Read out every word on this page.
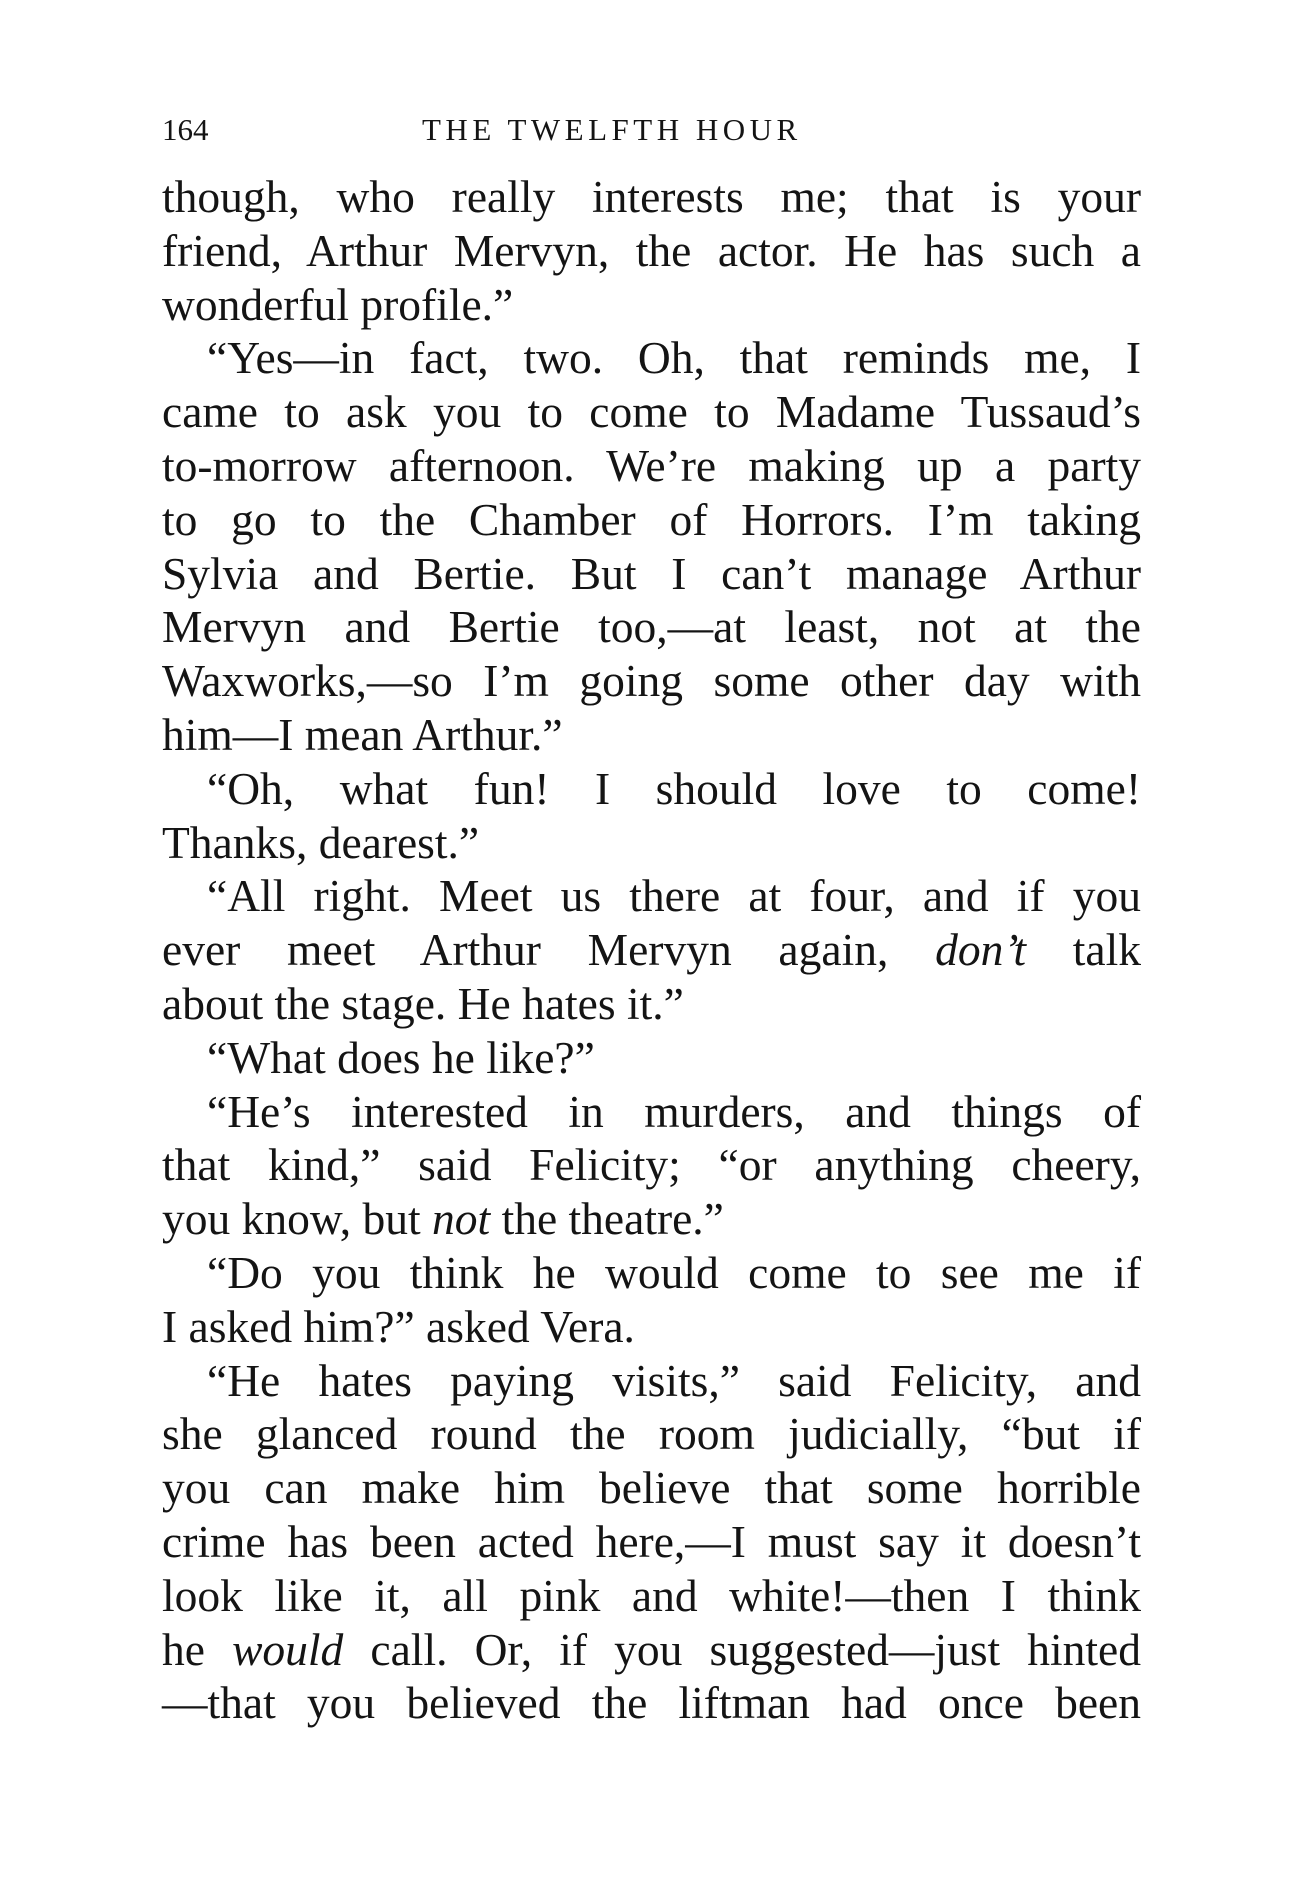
164	THE TWELFTH HOUR
though, who really interests me; that is your
friend, Arthur Mervyn, the actor. He has such a
wonderful profile.”
“Yes—in fact, two. Oh, that reminds me, I
came to ask you to come to Madame Tussaud’s
to-morrow afternoon. We’re making up a party
to go to the Chamber of Horrors. I’m taking
Sylvia and Bertie. But I can’t manage Arthur
Mervyn and Bertie too,—at least, not at the
Waxworks,—so I’m going some other day with
him—I mean Arthur.”
“Oh, what fun! I should love to come!
Thanks, dearest.”
“All right. Meet us there at four, and if you
ever meet Arthur Mervyn again, don’t talk
about the stage. He hates it.”
“What does he like?”
“He’s interested in murders, and things of
that kind,” said Felicity; “or anything cheery,
you know, but not the theatre.”
“Do you think he would come to see me if
I asked him?” asked Vera.
“He hates paying visits,” said Felicity, and
she glanced round the room judicially, “but if
you can make him believe that some horrible
crime has been acted here,—I must say it doesn’t
look like it, all pink and white!—then I think
he would call. Or, if you suggested—just hinted
—that you believed the liftman had once been
